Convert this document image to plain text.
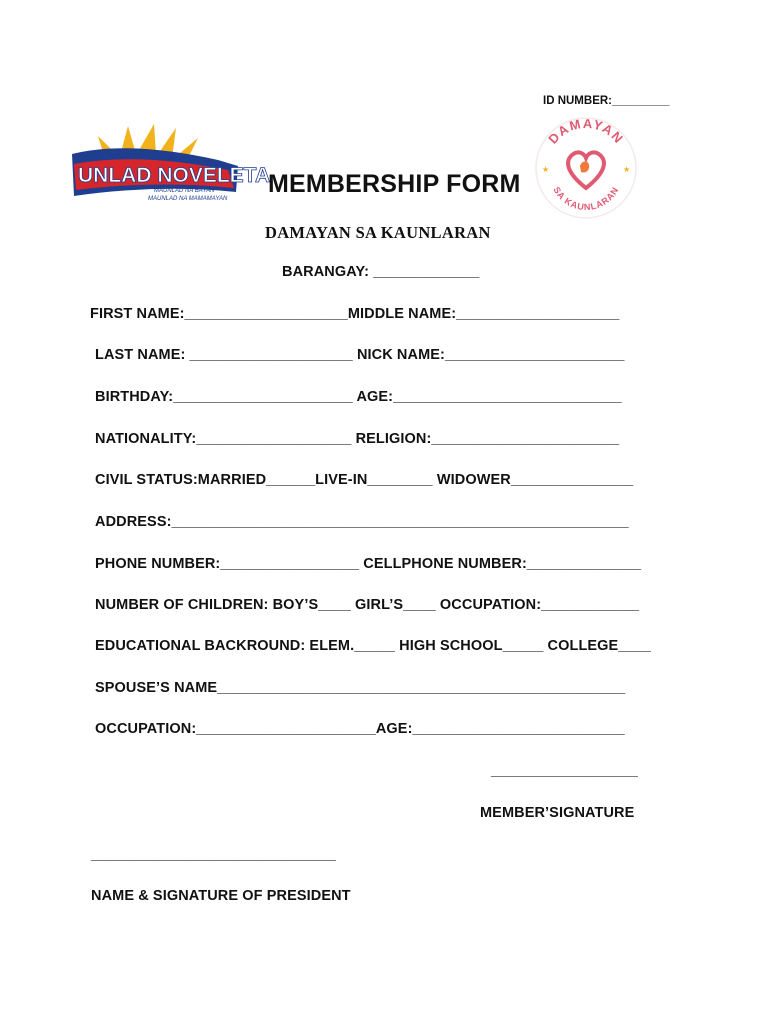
ID NUMBER:_________
UNLAD NOVELETA
MAUNLAD NA BAYAN
MAUNLAD NA MAMAMAYAN
MEMBERSHIP FORM
DAMAYAN
SA KAUNLARAN
★	★
DAMAYAN SA KAUNLARAN
BARANGAY: _____________
FIRST NAME:____________________MIDDLE NAME:____________________
LAST NAME: ____________________ NICK NAME:______________________
BIRTHDAY:______________________ AGE:____________________________
NATIONALITY:___________________ RELIGION:_______________________
CIVIL STATUS:MARRIED______LIVE-IN________ WIDOWER_______________
ADDRESS:________________________________________________________
PHONE NUMBER:_________________ CELLPHONE NUMBER:______________
NUMBER OF CHILDREN: BOY’S____ GIRL’S____ OCCUPATION:____________
EDUCATIONAL BACKROUND: ELEM._____ HIGH SCHOOL_____ COLLEGE____
SPOUSE’S NAME__________________________________________________
OCCUPATION:______________________AGE:__________________________
__________________
MEMBER’SIGNATURE
______________________________
NAME & SIGNATURE OF PRESIDENT
